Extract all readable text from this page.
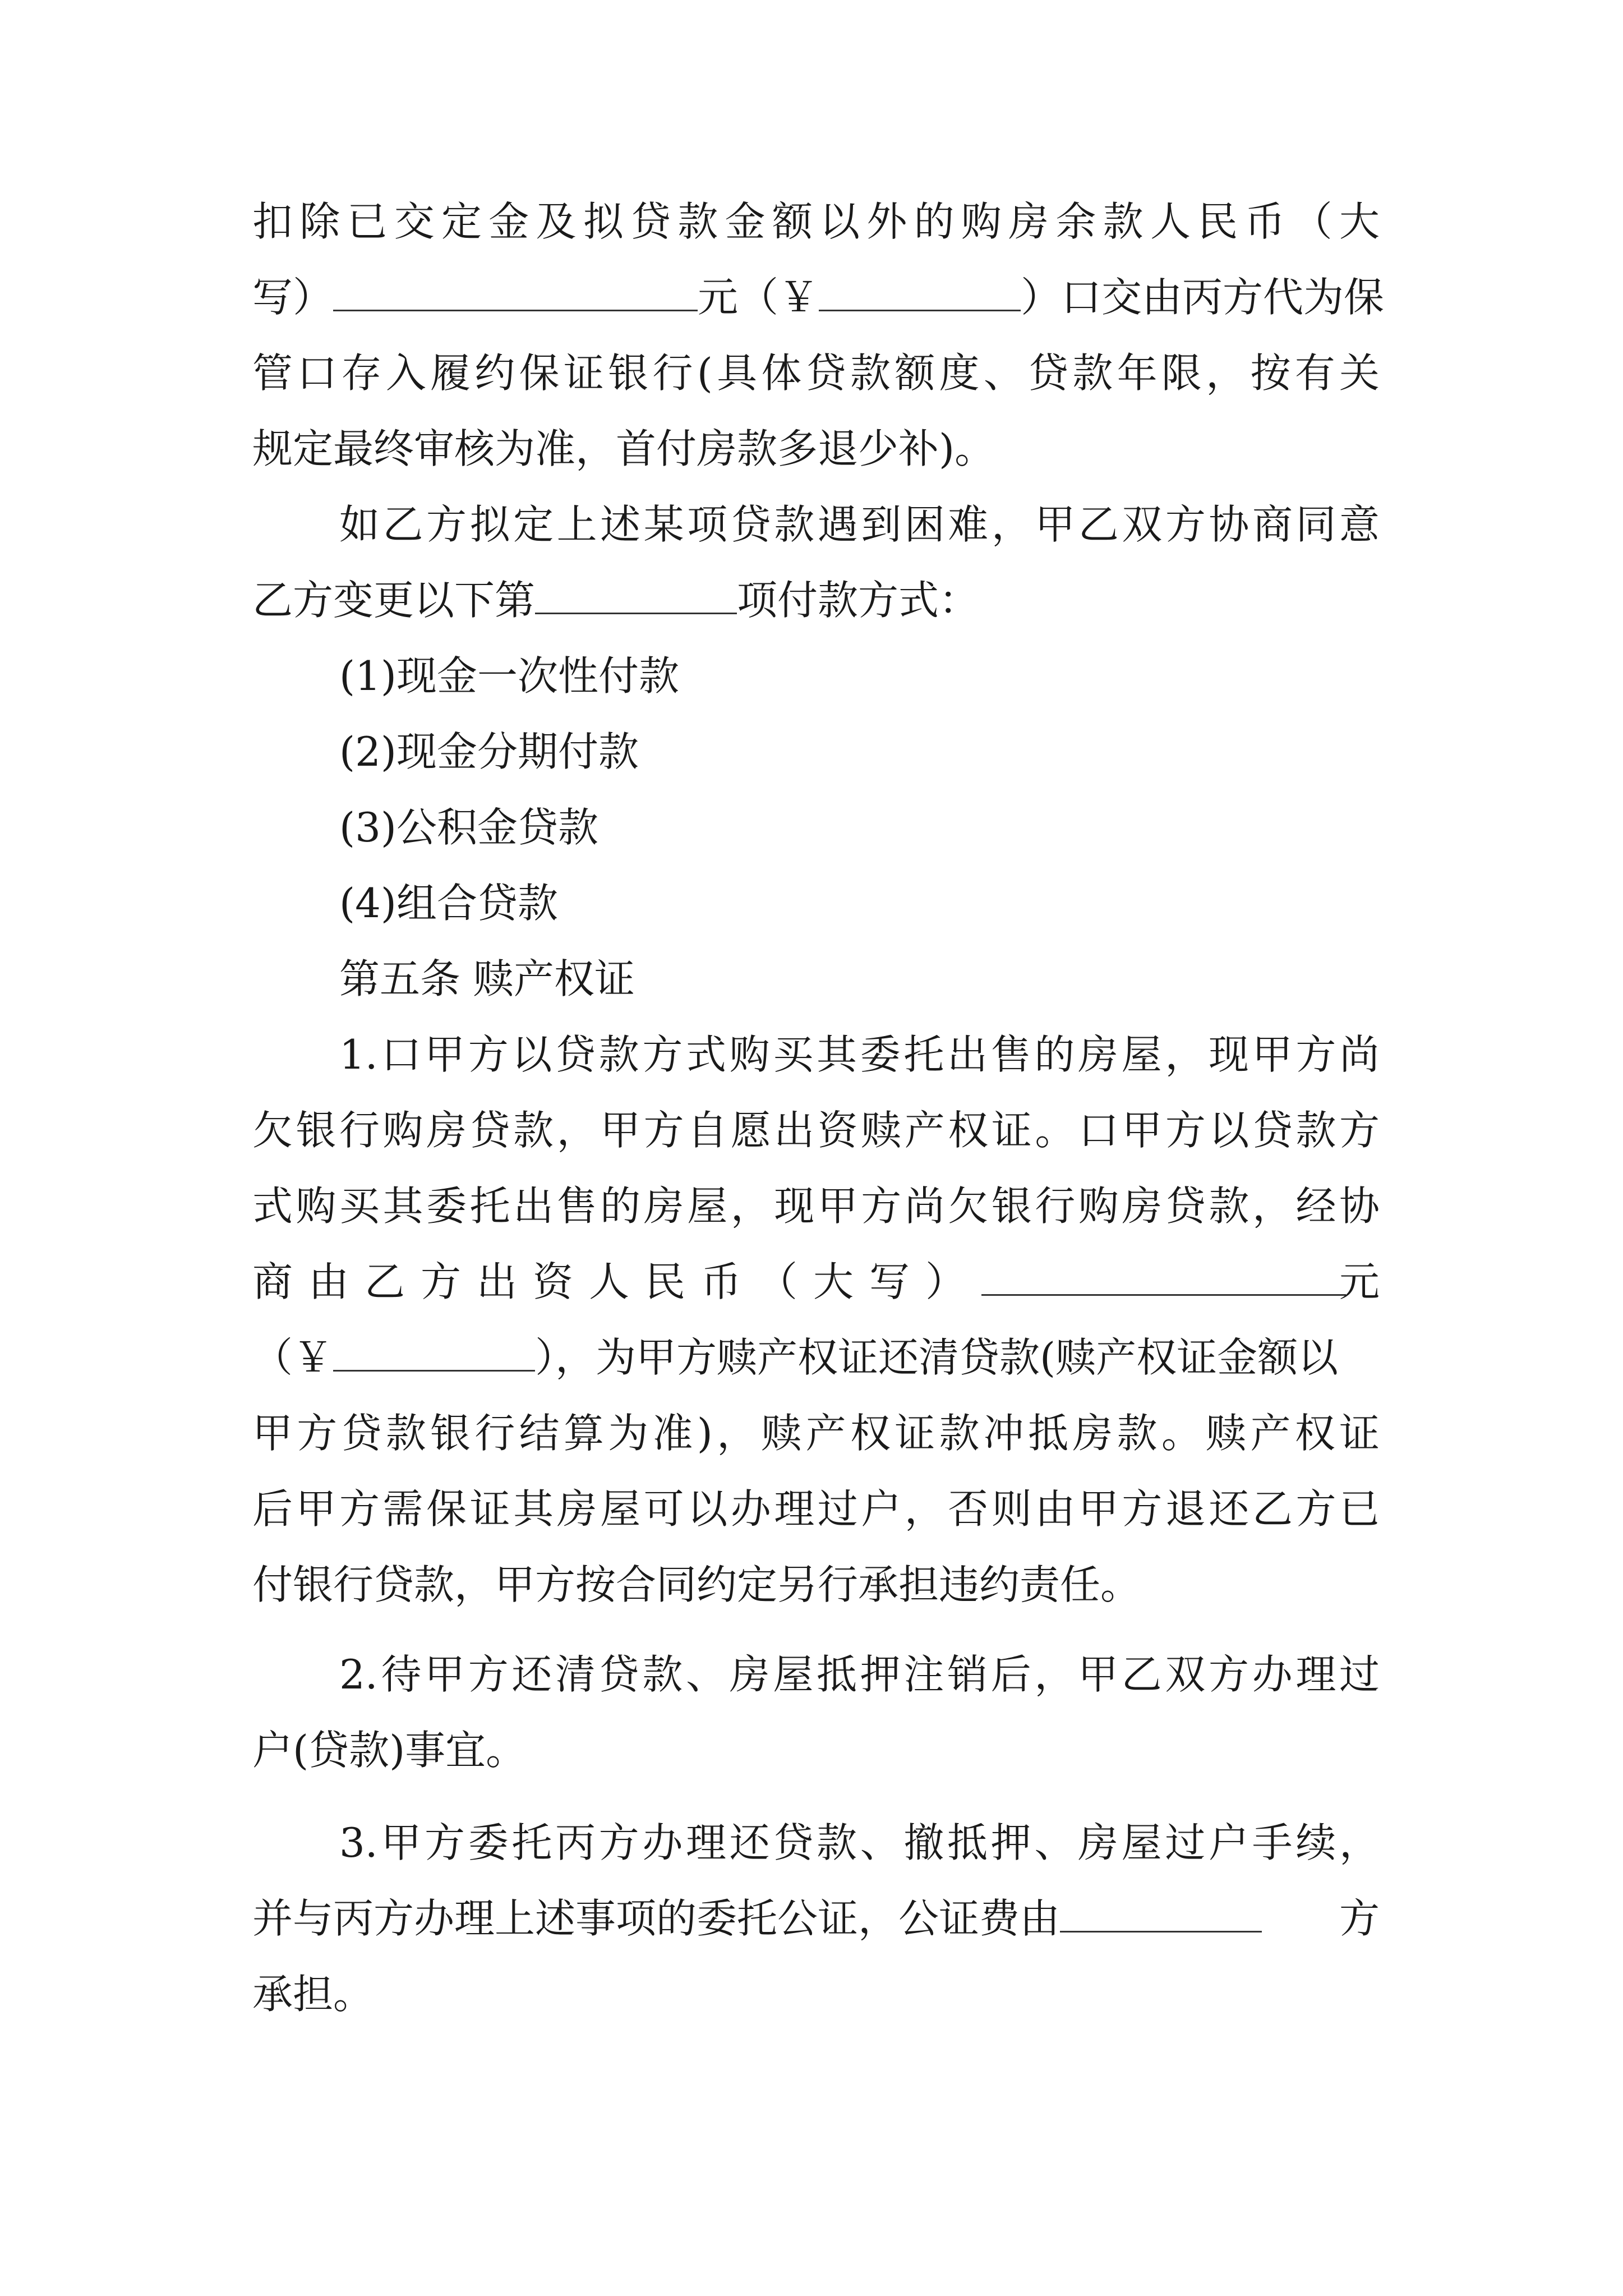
扣除已交定金及拟贷款金额以外的购房余款人民币（大
写）	元（￥	）口交由丙方代为保
管口存入履约保证银行(具体贷款额度、贷款年限，按有关
规定最终审核为准，首付房款多退少补)。
如乙方拟定上述某项贷款遇到困难，甲乙双方协商同意
乙方变更以下第	项付款方式：
(1)现金一次性付款
(2)现金分期付款
(3)公积金贷款
(4)组合贷款
第五条 赎产权证
1.口甲方以贷款方式购买其委托出售的房屋，现甲方尚
欠银行购房贷款，甲方自愿出资赎产权证。口甲方以贷款方
式购买其委托出售的房屋，现甲方尚欠银行购房贷款，经协
商由乙方出资人民币（大写）	元
（￥	），为甲方赎产权证还清贷款(赎产权证金额以
甲方贷款银行结算为准)，赎产权证款冲抵房款。赎产权证
后甲方需保证其房屋可以办理过户，否则由甲方退还乙方已
付银行贷款，甲方按合同约定另行承担违约责任。
2.待甲方还清贷款、房屋抵押注销后，甲乙双方办理过
户(贷款)事宜。
3.甲方委托丙方办理还贷款、撤抵押、房屋过户手续，
并与丙方办理上述事项的委托公证，公证费由	方
承担。
